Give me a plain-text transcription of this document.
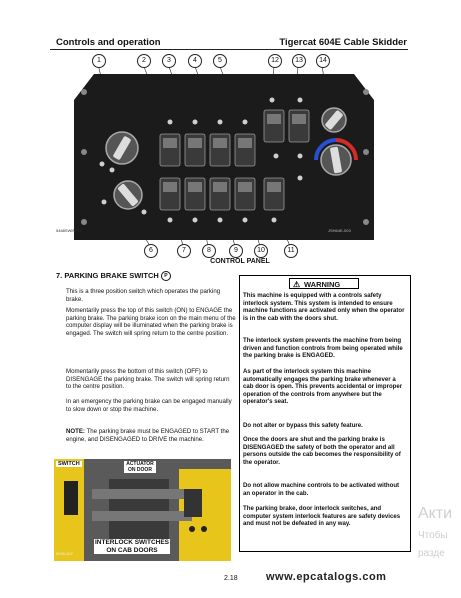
Controls and operation	Tigercat 604E Cable Skidder
1	2	3	4	5	12	13	14
6	7	8	9	10	11
5468SWINFO	JSH64E-003
CONTROL PANEL
7. PARKING BRAKE SWITCH P
This is a three position switch which operates the parking brake.
Momentarily press the top of this switch (ON) to ENGAGE the parking brake. The parking brake icon on the main menu of the computer display will be illuminated when the parking brake is engaged. The switch will spring return to the centre position.
Momentarily press the bottom of this switch (OFF) to DISENGAGE the parking brake. The switch will spring return to the centre position.
In an emergency the parking brake can be engaged manually to slow down or stop the machine.
NOTE: The parking brake must be ENGAGED to START the engine, and DISENGAGED to DRIVE the machine.
SWITCH	ACTUATOR ON DOOR
INTERLOCK SWITCHES ON CAB DOORS
5206-007
⚠ WARNING
This machine is equipped with a controls safety interlock system. This system is intended to ensure machine functions are activated only when the operator is in the cab with the doors shut.
The interlock system prevents the machine from being driven and function controls from being operated while the parking brake is ENGAGED.
As part of the interlock system this machine automatically engages the parking brake whenever a cab door is open. This prevents accidental or improper operation of the controls from anywhere but the operator's seat.
Do not alter or bypass this safety feature.
Once the doors are shut and the parking brake is DISENGAGED the safety of both the operator and all persons outside the cab becomes the responsibility of the operator.
Do not allow machine controls to be activated without an operator in the cab.
The parking brake, door interlock switches, and computer system interlock features are safety devices and must not be defeated in any way.
2.18	www.epcatalogs.com
Акти
Чтобы
разде
